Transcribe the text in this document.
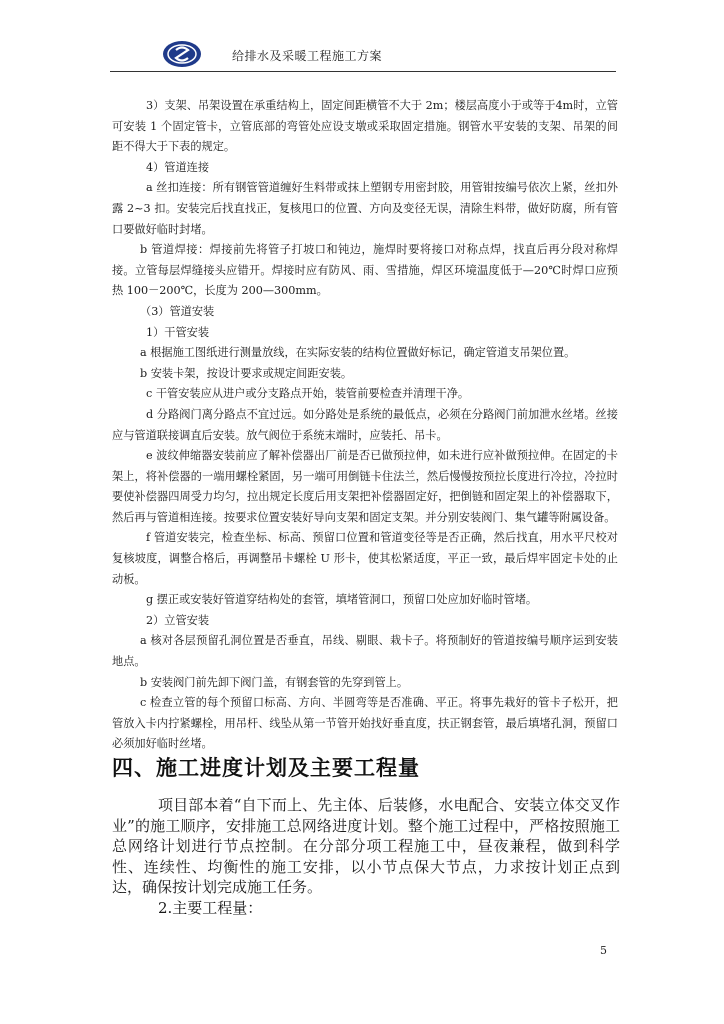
给排水及采暖工程施工方案

3）支架、吊架设置在承重结构上，固定间距横管不大于 2m；楼层高度小于或等于4m时，立管可安装 1 个固定管卡，立管底部的弯管处应设支墩或采取固定措施。钢管水平安装的支架、吊架的间距不得大于下表的规定。

4）管道连接

a 丝扣连接：所有钢管管道缠好生料带或抹上塑钢专用密封胶，用管钳按编号依次上紧，丝扣外露 2~3 扣。安装完后找直找正，复核甩口的位置、方向及变径无误，清除生料带，做好防腐，所有管口要做好临时封堵。

b 管道焊接：焊接前先将管子打坡口和钝边，施焊时要将接口对称点焊，找直后再分段对称焊接。立管每层焊缝接头应错开。焊接时应有防风、雨、雪措施，焊区环境温度低于—20℃时焊口应预热 100－200℃，长度为 200—300mm。

（3）管道安装

1）干管安装

a 根据施工图纸进行测量放线，在实际安装的结构位置做好标记，确定管道支吊架位置。

b 安装卡架，按设计要求或规定间距安装。

c 干管安装应从进户或分支路点开始，装管前要检查并清理干净。

d 分路阀门离分路点不宜过远。如分路处是系统的最低点，必须在分路阀门前加泄水丝堵。丝接应与管道联接调直后安装。放气阀位于系统末端时，应装托、吊卡。

e 波纹伸缩器安装前应了解补偿器出厂前是否已做预拉伸，如未进行应补做预拉伸。在固定的卡架上，将补偿器的一端用螺栓紧固，另一端可用倒链卡住法兰，然后慢慢按预拉长度进行冷拉，冷拉时要使补偿器四周受力均匀，拉出规定长度后用支架把补偿器固定好，把倒链和固定架上的补偿器取下，然后再与管道相连接。按要求位置安装好导向支架和固定支架。并分别安装阀门、集气罐等附属设备。

f 管道安装完，检查坐标、标高、预留口位置和管道变径等是否正确，然后找直，用水平尺校对复核坡度，调整合格后，再调整吊卡螺栓 U 形卡，使其松紧适度，平正一致，最后焊牢固定卡处的止动板。

g 摆正或安装好管道穿结构处的套管，填堵管洞口，预留口处应加好临时管堵。

2）立管安装

a 核对各层预留孔洞位置是否垂直，吊线、剔眼、栽卡子。将预制好的管道按编号顺序运到安装地点。

b 安装阀门前先卸下阀门盖，有钢套管的先穿到管上。

c 检查立管的每个预留口标高、方向、半圆弯等是否准确、平正。将事先栽好的管卡子松开，把管放入卡内拧紧螺栓，用吊杆、线坠从第一节管开始找好垂直度，扶正钢套管，最后填堵孔洞，预留口必须加好临时丝堵。

四、施工进度计划及主要工程量

项目部本着“自下而上、先主体、后装修，水电配合、安装立体交叉作业”的施工顺序，安排施工总网络进度计划。整个施工过程中，严格按照施工总网络计划进行节点控制。在分部分项工程施工中，昼夜兼程，做到科学性、连续性、均衡性的施工安排，以小节点保大节点，力求按计划正点到达，确保按计划完成施工任务。

2.主要工程量：

5
